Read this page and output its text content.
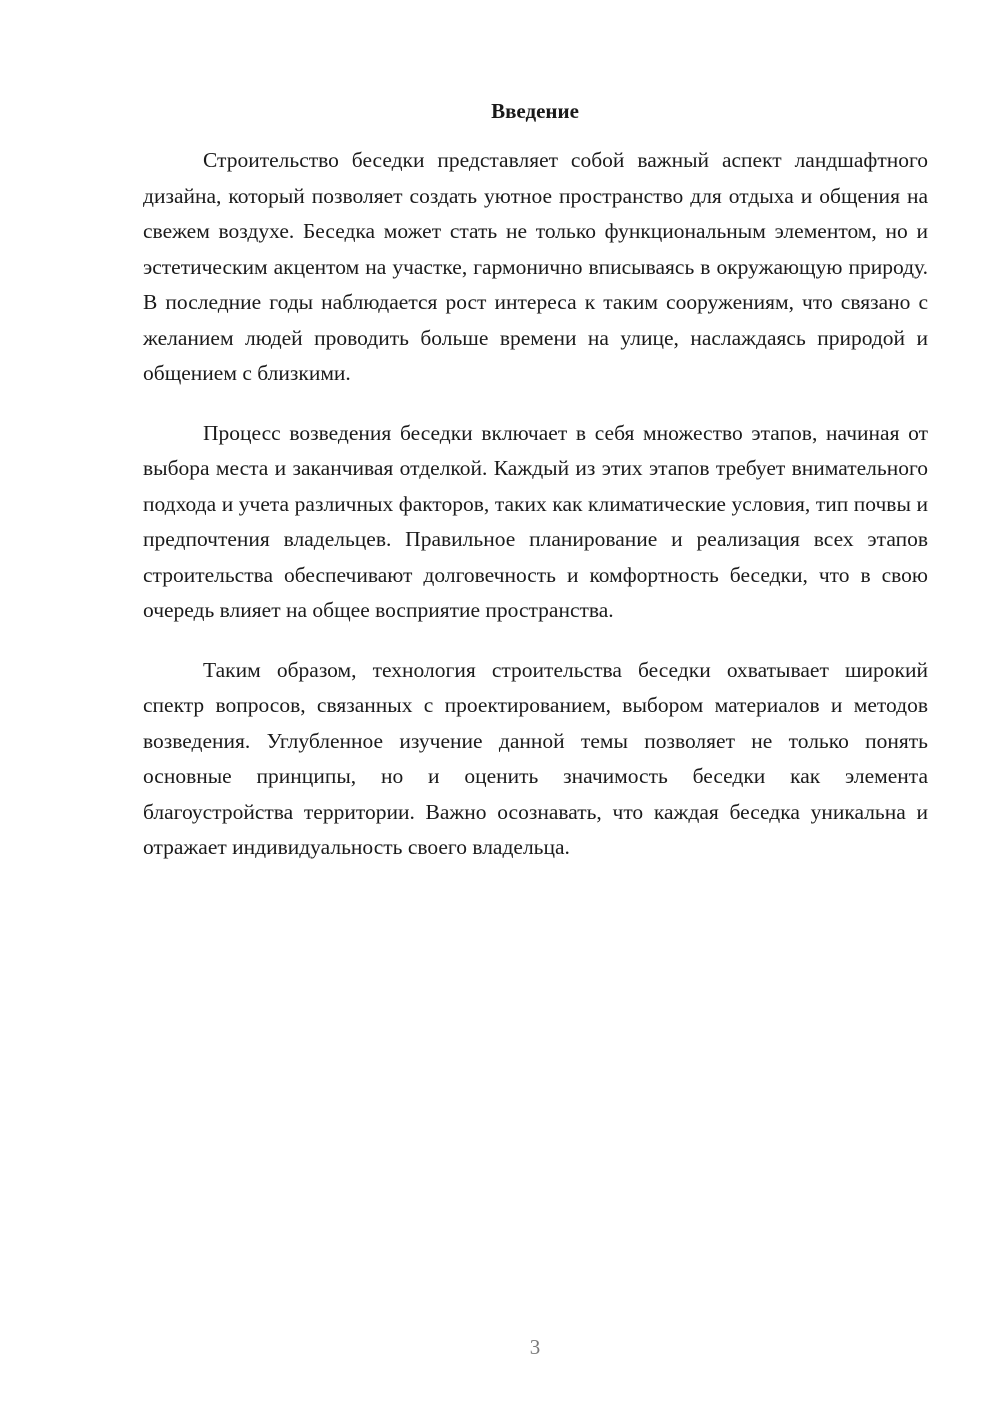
Введение

Строительство беседки представляет собой важный аспект ландшафтного дизайна, который позволяет создать уютное пространство для отдыха и общения на свежем воздухе. Беседка может стать не только функциональным элементом, но и эстетическим акцентом на участке, гармонично вписываясь в окружающую природу. В последние годы наблюдается рост интереса к таким сооружениям, что связано с желанием людей проводить больше времени на улице, наслаждаясь природой и общением с близкими.

Процесс возведения беседки включает в себя множество этапов, начиная от выбора места и заканчивая отделкой. Каждый из этих этапов требует внимательного подхода и учета различных факторов, таких как климатические условия, тип почвы и предпочтения владельцев. Правильное планирование и реализация всех этапов строительства обеспечивают долговечность и комфортность беседки, что в свою очередь влияет на общее восприятие пространства.

Таким образом, технология строительства беседки охватывает широкий спектр вопросов, связанных с проектированием, выбором материалов и методов возведения. Углубленное изучение данной темы позволяет не только понять основные принципы, но и оценить значимость беседки как элемента благоустройства территории. Важно осознавать, что каждая беседка уникальна и отражает индивидуальность своего владельца.

3
